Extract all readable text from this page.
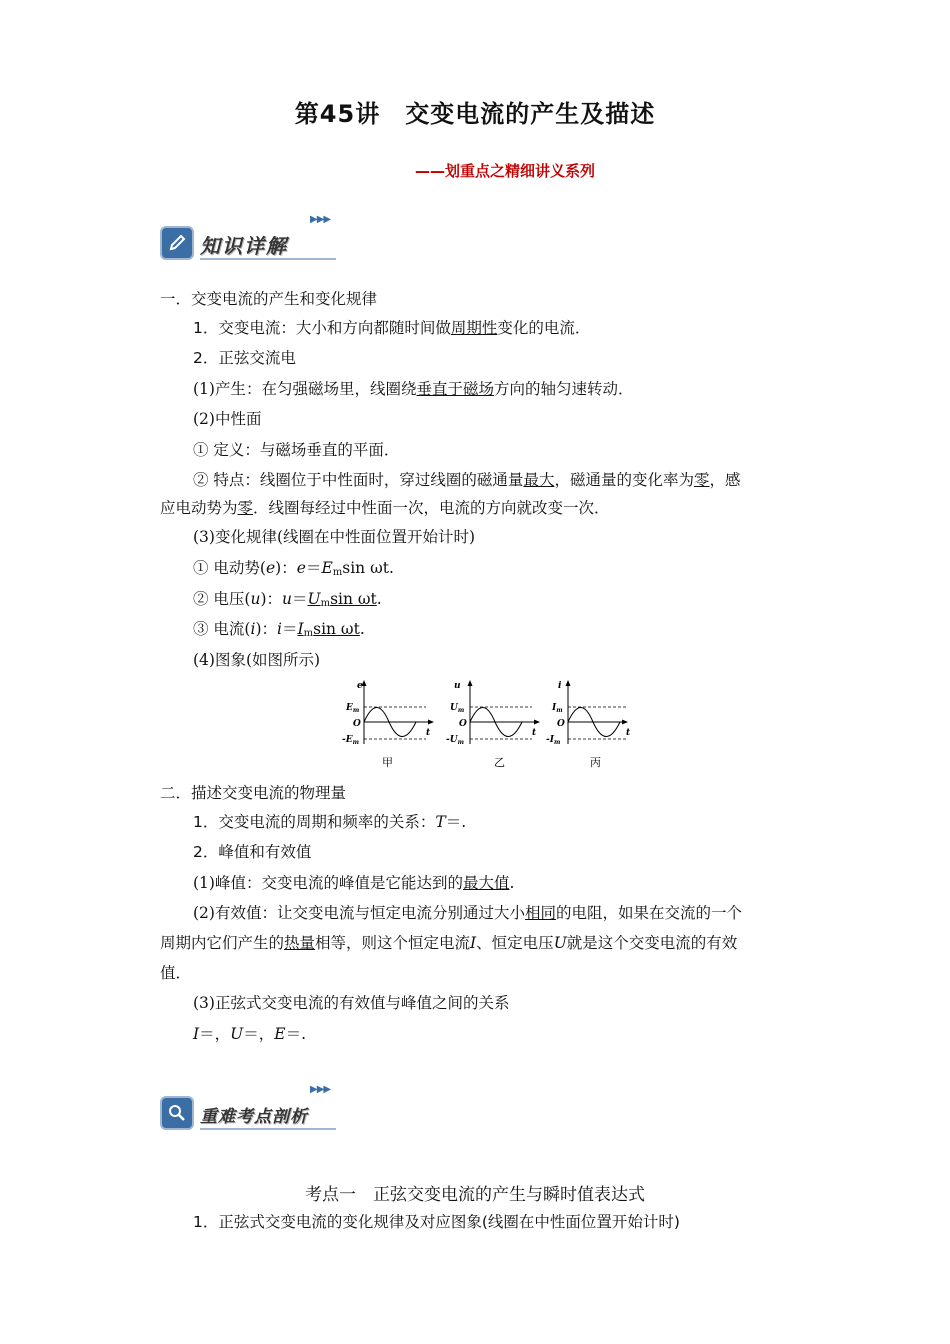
第45讲　交变电流的产生及描述
——划重点之精细讲义系列
知识详解
▶▶▶
一．交变电流的产生和变化规律
1．交变电流：大小和方向都随时间做周期性变化的电流．
2．正弦交流电
(1)产生：在匀强磁场里，线圈绕垂直于磁场方向的轴匀速转动．
(2)中性面
① 定义：与磁场垂直的平面．
② 特点：线圈位于中性面时，穿过线圈的磁通量最大，磁通量的变化率为零，感
应电动势为零．线圈每经过中性面一次，电流的方向就改变一次．
(3)变化规律(线圈在中性面位置开始计时)
① 电动势(e)：$e=E_m\sin$ ωt.
② 电压(u)：$u=U_m\sin$ ωt.
③ 电流(i)：$i=I_m\sin$ ωt.
(4)图象(如图所示)
e
$E_m$
O
$-E_m$
t
甲
u
$U_m$
O
$-U_m$
t
乙
i
$I_m$
O
$-I_m$
t
丙
二．描述交变电流的物理量
1．交变电流的周期和频率的关系：T＝.
2．峰值和有效值
(1)峰值：交变电流的峰值是它能达到的最大值.
(2)有效值：让交变电流与恒定电流分别通过大小相同的电阻，如果在交流的一个
周期内它们产生的热量相等，则这个恒定电流I、恒定电压U就是这个交变电流的有效
值．
(3)正弦式交变电流的有效值与峰值之间的关系
I＝，U＝，E＝.
重难考点剖析
▶▶▶
考点一　正弦交变电流的产生与瞬时值表达式
1．正弦式交变电流的变化规律及对应图象(线圈在中性面位置开始计时)
